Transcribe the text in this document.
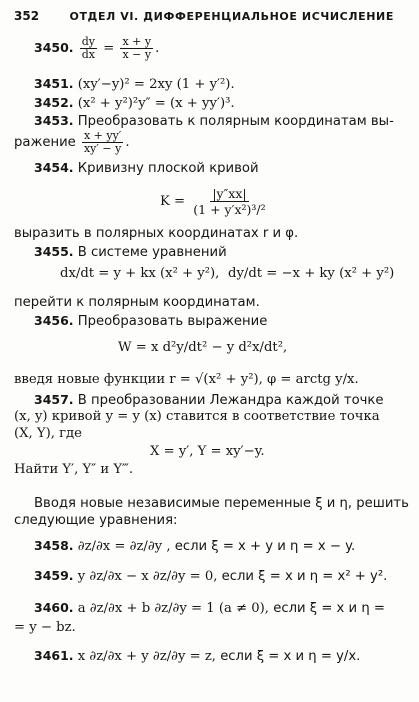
352	ОТДЕЛ VI. ДИФФЕРЕНЦИАЛЬНОЕ ИСЧИСЛЕНИЕ
3450. $\frac{dy}{dx} = \frac{x + y}{x - y}$ .
3451. (xy′−y)² = 2xy (1 + y′²).
3452. (x² + y²)²y″ = (x + yy′)³.
3453. Преобразовать к полярным координатам вы-
ражение $\frac{x + yy'}{xy' - y}$ .
3454. Кривизну плоской кривой
$K = \frac{|y''xx|}{\text{(1 + y′x²)³/²}}$
выразить в полярных координатах r и φ.
3455. В системе уравнений
dx/dt = y + kx (x² + y²), dy/dt = −x + ky (x² + y²)
перейти к полярным координатам.
3456. Преобразовать выражение
W = x d²y/dt² − y d²x/dt²,
введя новые функции r = √(x² + y²), φ = arctg y/x.
3457. В преобразовании Лежандра каждой точке
(x, y) кривой y = y (x) ставится в соответствие точка
(X, Y), где
X = y′, Y = xy′−y.
Найти Y′, Y″ и Y‴.
Вводя новые независимые переменные ξ и η, решить
следующие уравнения:
3458. ∂z/∂x = ∂z/∂y , если ξ = x + y и η = x − y.
3459. y ∂z/∂x − x ∂z/∂y = 0, если ξ = x и η = x² + y².
3460. a ∂z/∂x + b ∂z/∂y = 1 (a ≠ 0), если ξ = x и η =
= y − bz.
3461. x ∂z/∂x + y ∂z/∂y = z, если ξ = x и η = y/x.
